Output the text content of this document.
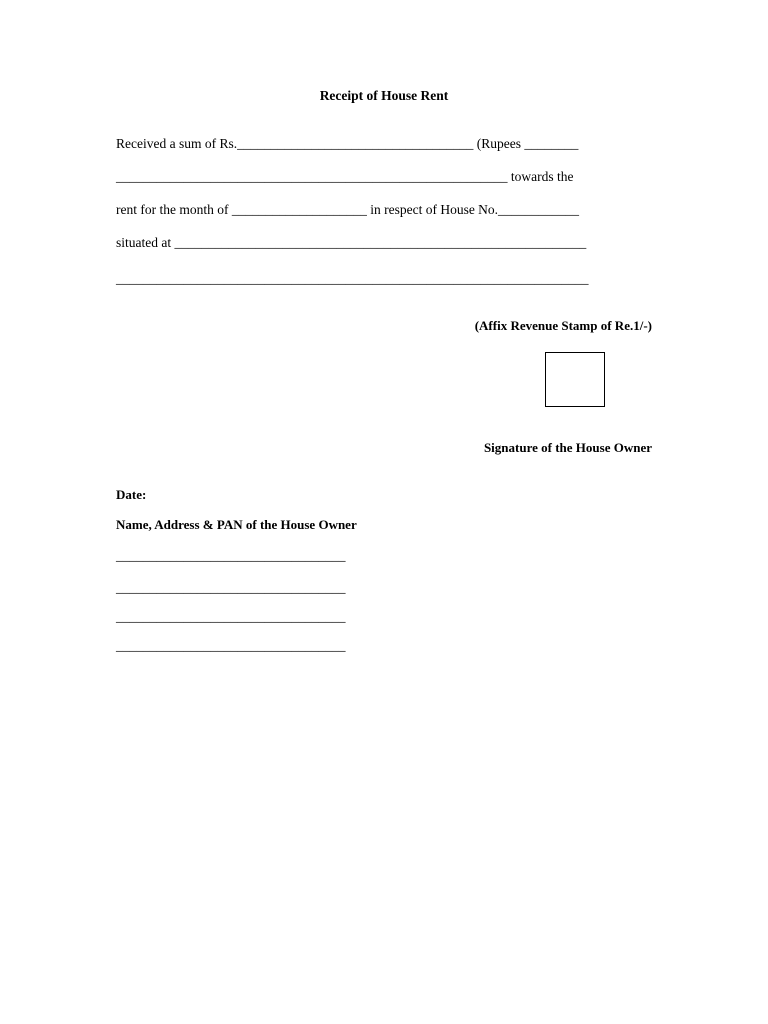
Receipt of House Rent
Received a sum of Rs.___________________________________ (Rupees ________
__________________________________________________________ towards the
rent for the month of ____________________ in respect of House No.____________
situated at _____________________________________________________________
______________________________________________________________________
(Affix Revenue Stamp of Re.1/-)
Signature of the House Owner
Date:
Name, Address & PAN of the House Owner
__________________________________
__________________________________
__________________________________
__________________________________
